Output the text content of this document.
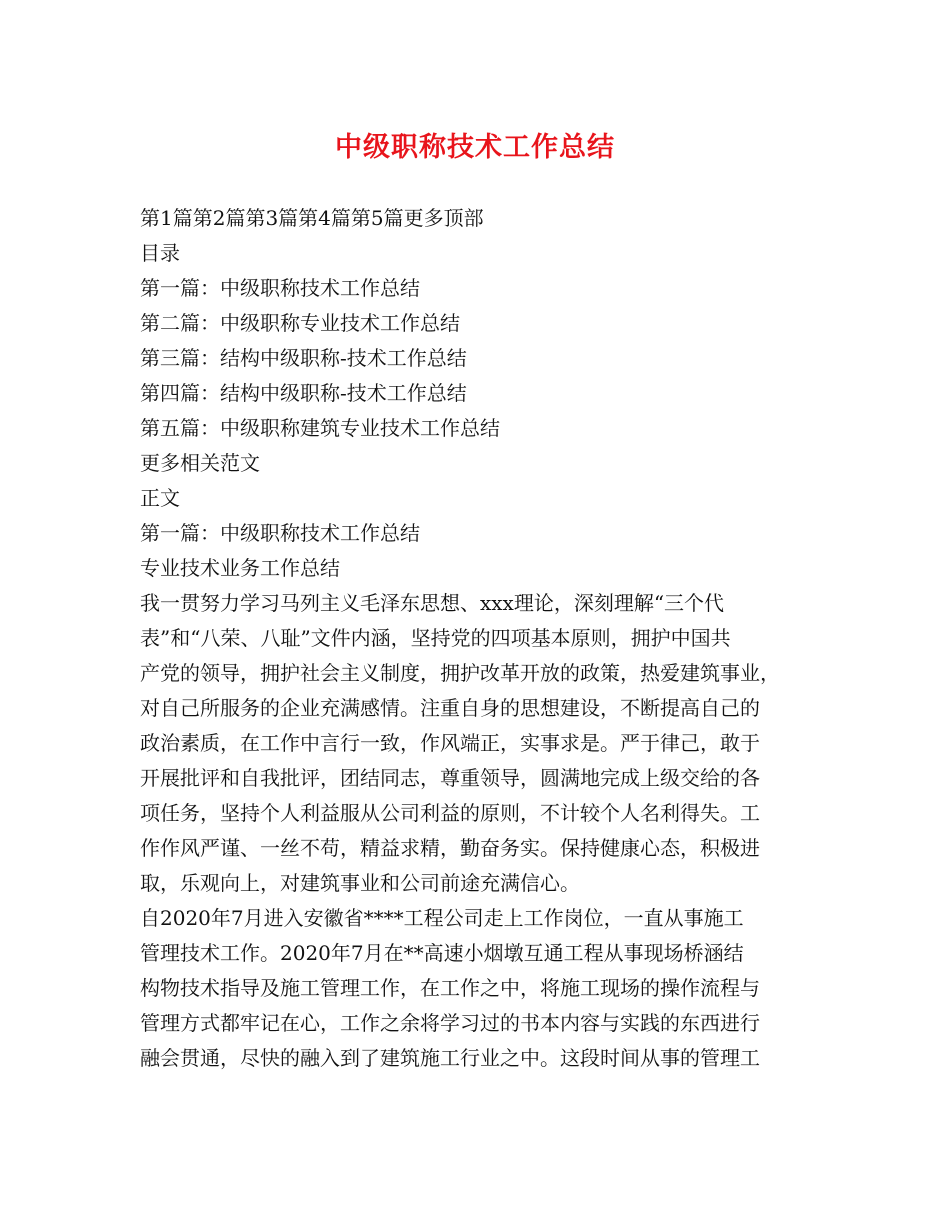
中级职称技术工作总结
第1篇第2篇第3篇第4篇第5篇更多顶部
目录
第一篇：中级职称技术工作总结
第二篇：中级职称专业技术工作总结
第三篇：结构中级职称-技术工作总结
第四篇：结构中级职称-技术工作总结
第五篇：中级职称建筑专业技术工作总结
更多相关范文
正文
第一篇：中级职称技术工作总结
专业技术业务工作总结
我一贯努力学习马列主义毛泽东思想、xxx理论，深刻理解“三个代
表”和“八荣、八耻”文件内涵，坚持党的四项基本原则，拥护中国共
产党的领导，拥护社会主义制度，拥护改革开放的政策，热爱建筑事业，
对自己所服务的企业充满感情。注重自身的思想建设，不断提高自己的
政治素质，在工作中言行一致，作风端正，实事求是。严于律己，敢于
开展批评和自我批评，团结同志，尊重领导，圆满地完成上级交给的各
项任务，坚持个人利益服从公司利益的原则，不计较个人名利得失。工
作作风严谨、一丝不苟，精益求精，勤奋务实。保持健康心态，积极进
取，乐观向上，对建筑事业和公司前途充满信心。
自2020年7月进入安徽省****工程公司走上工作岗位，一直从事施工
管理技术工作。2020年7月在**高速小烟墩互通工程从事现场桥涵结
构物技术指导及施工管理工作，在工作之中，将施工现场的操作流程与
管理方式都牢记在心，工作之余将学习过的书本内容与实践的东西进行
融会贯通，尽快的融入到了建筑施工行业之中。这段时间从事的管理工
